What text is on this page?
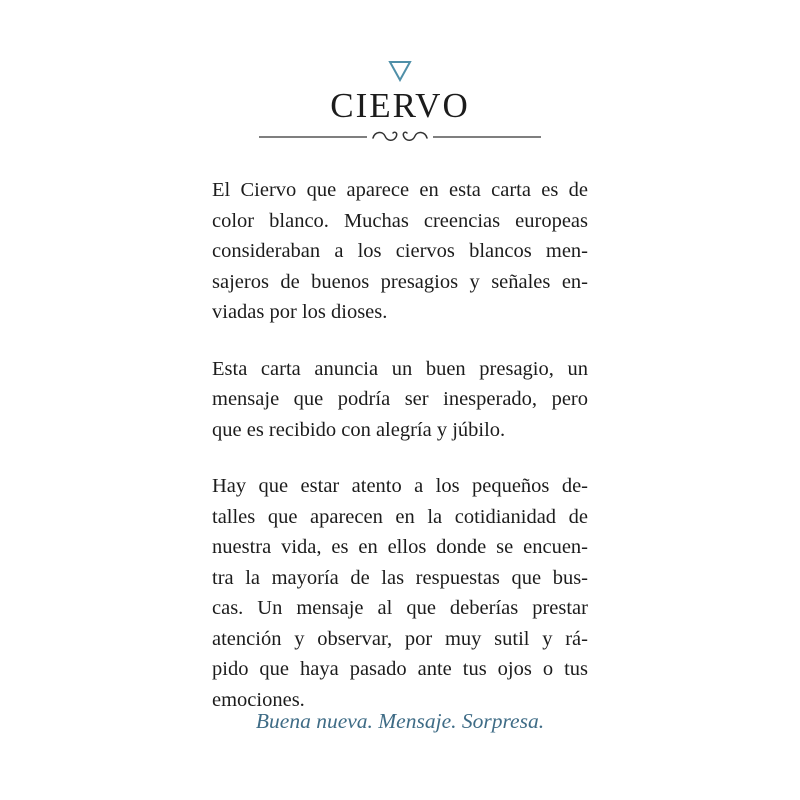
CIERVO

El Ciervo que aparece en esta carta es de
color blanco. Muchas creencias europeas
consideraban a los ciervos blancos men-
sajeros de buenos presagios y señales en-
viadas por los dioses.

Esta carta anuncia un buen presagio, un
mensaje que podría ser inesperado, pero
que es recibido con alegría y júbilo.

Hay que estar atento a los pequeños de-
talles que aparecen en la cotidianidad de
nuestra vida, es en ellos donde se encuen-
tra la mayoría de las respuestas que bus-
cas. Un mensaje al que deberías prestar
atención y observar, por muy sutil y rá-
pido que haya pasado ante tus ojos o tus
emociones.

Buena nueva. Mensaje. Sorpresa.
